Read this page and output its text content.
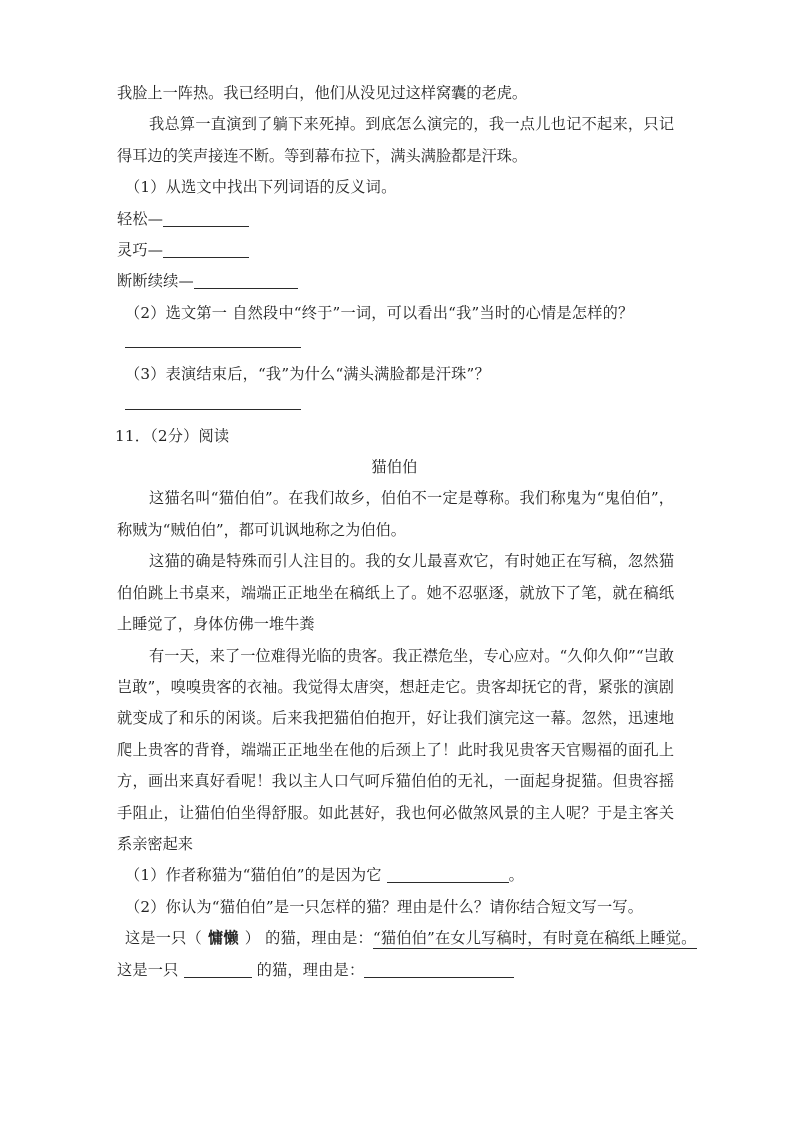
我脸上一阵热。我已经明白，他们从没见过这样窝囊的老虎。
我总算一直演到了躺下来死掉。到底怎么演完的，我一点儿也记不起来，只记得耳边的笑声接连不断。等到幕布拉下，满头满脸都是汗珠。
（1）从选文中找出下列词语的反义词。
轻松—
灵巧—
断断续续—
（2）选文第一 自然段中“终于”一词，可以看出“我”当时的心情是怎样的？
（3）表演结束后，“我”为什么“满头满脸都是汗珠”？
11．（2分）阅读
猫伯伯
这猫名叫“猫伯伯”。在我们故乡，伯伯不一定是尊称。我们称鬼为“鬼伯伯”，称贼为“贼伯伯”，都可讥讽地称之为伯伯。
这猫的确是特殊而引人注目的。我的女儿最喜欢它，有时她正在写稿，忽然猫伯伯跳上书桌来，端端正正地坐在稿纸上了。她不忍驱逐，就放下了笔，就在稿纸上睡觉了，身体仿佛一堆牛粪
有一天，来了一位难得光临的贵客。我正襟危坐，专心应对。“久仰久仰”“岂敢岂敢”，嗅嗅贵客的衣袖。我觉得太唐突，想赶走它。贵客却抚它的背，紧张的演剧就变成了和乐的闲谈。后来我把猫伯伯抱开，好让我们演完这一幕。忽然，迅速地爬上贵客的背脊，端端正正地坐在他的后颈上了！此时我见贵客天官赐福的面孔上方，画出来真好看呢！我以主人口气呵斥猫伯伯的无礼，一面起身捉猫。但贵容摇手阻止，让猫伯伯坐得舒服。如此甚好，我也何必做煞风景的主人呢？于是主客关系亲密起来
（1）作者称猫为“猫伯伯”的是因为它	。
（2）你认为“猫伯伯”是一只怎样的猫？理由是什么？请你结合短文写一写。
这是一只（ 慵懒 ） 的猫，理由是：“猫伯伯”在女儿写稿时，有时竟在稿纸上睡觉。
这是一只	的猫，理由是：
